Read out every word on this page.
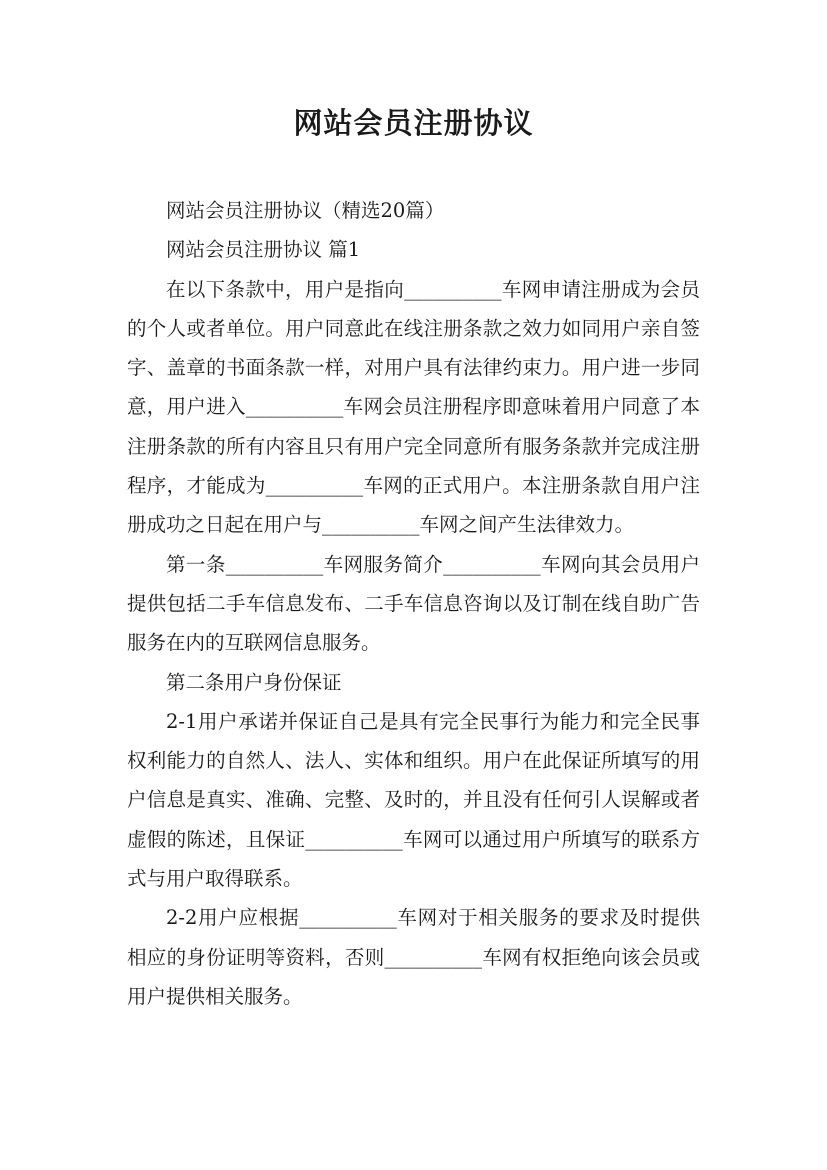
网站会员注册协议

网站会员注册协议（精选20篇）

网站会员注册协议 篇1

在以下条款中，用户是指向__________车网申请注册成为会员的个人或者单位。用户同意此在线注册条款之效力如同用户亲自签字、盖章的书面条款一样，对用户具有法律约束力。用户进一步同意，用户进入__________车网会员注册程序即意味着用户同意了本注册条款的所有内容且只有用户完全同意所有服务条款并完成注册程序，才能成为__________车网的正式用户。本注册条款自用户注册成功之日起在用户与__________车网之间产生法律效力。

第一条__________车网服务简介__________车网向其会员用户提供包括二手车信息发布、二手车信息咨询以及订制在线自助广告服务在内的互联网信息服务。

第二条用户身份保证

2-1用户承诺并保证自己是具有完全民事行为能力和完全民事权利能力的自然人、法人、实体和组织。用户在此保证所填写的用户信息是真实、准确、完整、及时的，并且没有任何引人误解或者虚假的陈述，且保证__________车网可以通过用户所填写的联系方式与用户取得联系。

2-2用户应根据__________车网对于相关服务的要求及时提供相应的身份证明等资料，否则__________车网有权拒绝向该会员或用户提供相关服务。
